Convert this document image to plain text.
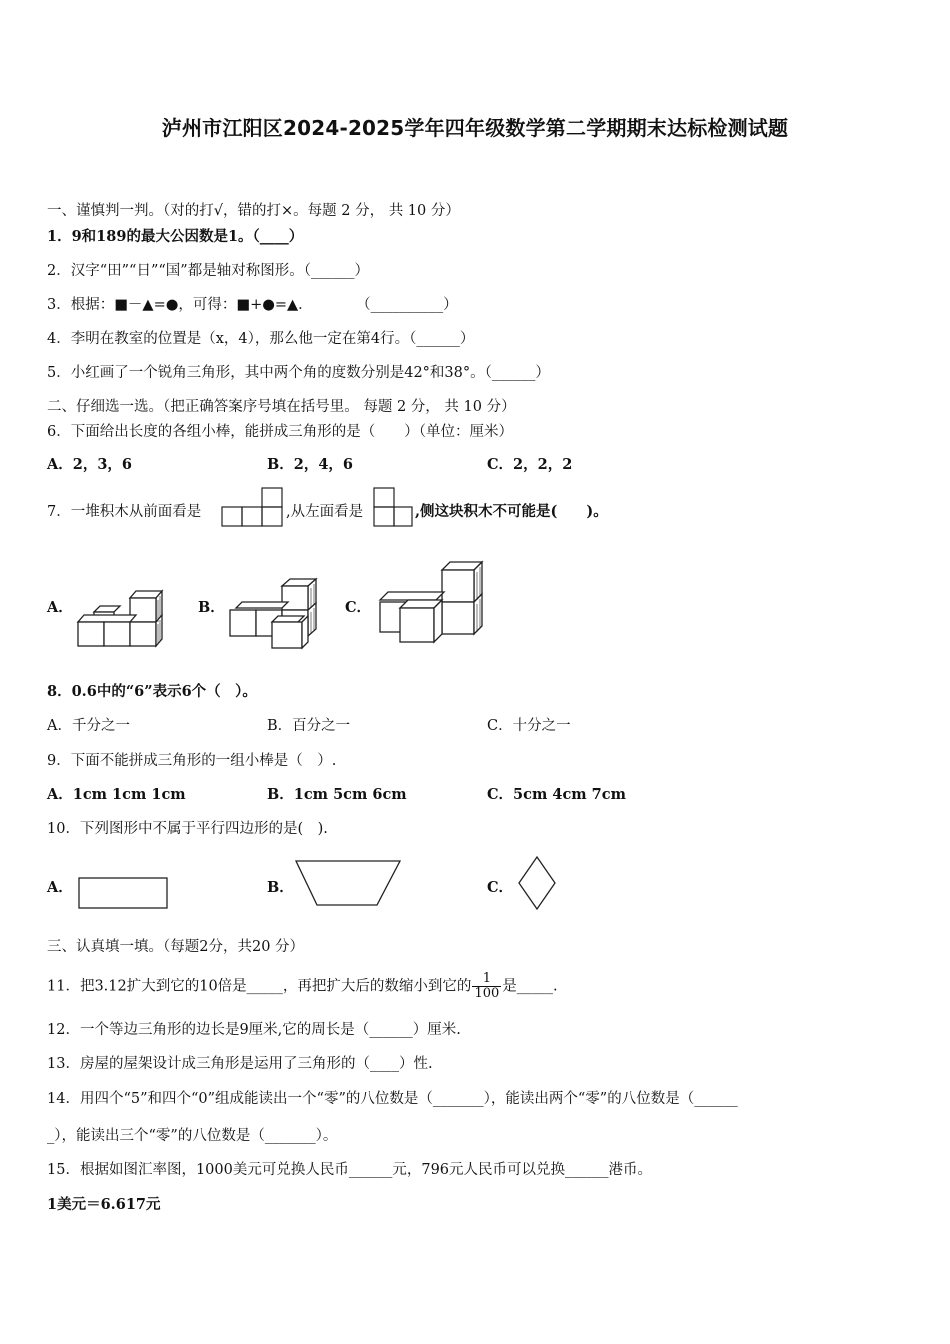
泸州市江阳区2024-2025学年四年级数学第二学期期末达标检测试题
一、谨慎判一判。（对的打√，错的打×。每题 2 分， 共 10 分）
1．9和189的最大公因数是1。（____）
2．汉字“田”“日”“国”都是轴对称图形。（______）
3．根据：■－▲=●，可得：■+●=▲．　　　　（__________）
4．李明在教室的位置是（x，4），那么他一定在第4行。（______）
5．小红画了一个锐角三角形，其中两个角的度数分别是42°和38°。（______）
二、仔细选一选。（把正确答案序号填在括号里。 每题 2 分， 共 10 分）
6．下面给出长度的各组小棒，能拼成三角形的是（　　）（单位：厘米）
A．2，3，6	B．2，4，6	C．2，2，2
7．一堆积木从前面看是	,从左面看是	,侧这块积木不可能是(　　)。
A．	B．	C．
8．0.6中的“6”表示6个（　）。
A．千分之一	B．百分之一	C．十分之一
9．下面不能拼成三角形的一组小棒是（　）.
A．1cm 1cm 1cm	B．1cm 5cm 6cm	C．5cm 4cm 7cm
10．下列图形中不属于平行四边形的是(　).
A．	B．	C．
三、认真填一填。（每题2分，共20 分）
11．把3.12扩大到它的10倍是_____，再把扩大后的数缩小到它的 $\frac{1}{100}$ 是_____.
12．一个等边三角形的边长是9厘米,它的周长是（______）厘米.
13．房屋的屋架设计成三角形是运用了三角形的（____）性.
14．用四个“5”和四个“0”组成能读出一个“零”的八位数是（_______），能读出两个“零”的八位数是（______
_），能读出三个“零”的八位数是（_______）。
15．根据如图汇率图，1000美元可兑换人民币______元，796元人民币可以兑换______港币。
1美元＝6.617元
